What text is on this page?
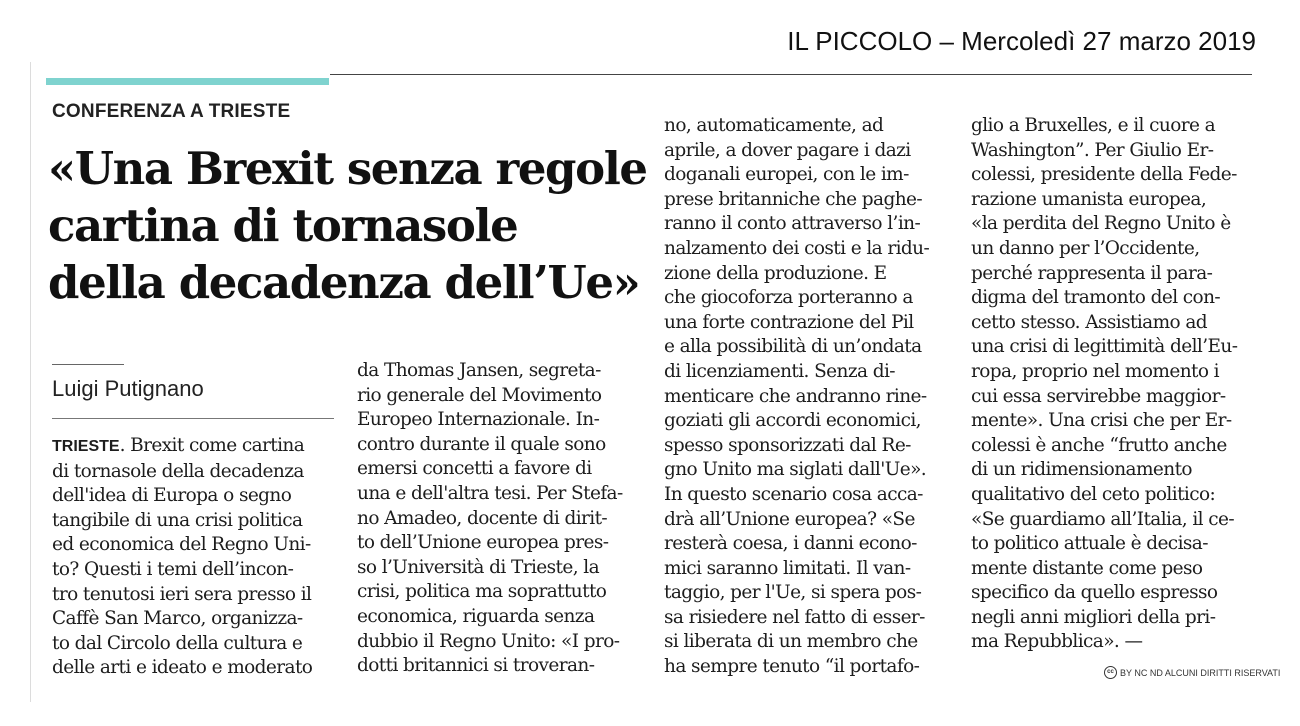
IL PICCOLO – Mercoledì 27 marzo 2019
CONFERENZA A TRIESTE
«Una Brexit senza regole
cartina di tornasole
della decadenza dell’Ue»
Luigi Putignano
TRIESTE. Brexit come cartina
di tornasole della decadenza
dell'idea di Europa o segno
tangibile di una crisi politica
ed economica del Regno Uni-
to? Questi i temi dell’incon-
tro tenutosi ieri sera presso il
Caffè San Marco, organizza-
to dal Circolo della cultura e
delle arti e ideato e moderato
da Thomas Jansen, segreta-
rio generale del Movimento
Europeo Internazionale. In-
contro durante il quale sono
emersi concetti a favore di
una e dell'altra tesi. Per Stefa-
no Amadeo, docente di dirit-
to dell’Unione europea pres-
so l’Università di Trieste, la
crisi, politica ma soprattutto
economica, riguarda senza
dubbio il Regno Unito: «I pro-
dotti britannici si troveran-
no, automaticamente, ad
aprile, a dover pagare i dazi
doganali europei, con le im-
prese britanniche che paghe-
ranno il conto attraverso l’in-
nalzamento dei costi e la ridu-
zione della produzione. E
che giocoforza porteranno a
una forte contrazione del Pil
e alla possibilità di un’ondata
di licenziamenti. Senza di-
menticare che andranno rine-
goziati gli accordi economici,
spesso sponsorizzati dal Re-
gno Unito ma siglati dall'Ue».
In questo scenario cosa acca-
drà all’Unione europea? «Se
resterà coesa, i danni econo-
mici saranno limitati. Il van-
taggio, per l'Ue, si spera pos-
sa risiedere nel fatto di esser-
si liberata di un membro che
ha sempre tenuto “il portafo-
glio a Bruxelles, e il cuore a
Washington”. Per Giulio Er-
colessi, presidente della Fede-
razione umanista europea,
«la perdita del Regno Unito è
un danno per l’Occidente,
perché rappresenta il para-
digma del tramonto del con-
cetto stesso. Assistiamo ad
una crisi di legittimità dell’Eu-
ropa, proprio nel momento i
cui essa servirebbe maggior-
mente». Una crisi che per Er-
colessi è anche “frutto anche
di un ridimensionamento
qualitativo del ceto politico:
«Se guardiamo all’Italia, il ce-
to politico attuale è decisa-
mente distante come peso
specifico da quello espresso
negli anni migliori della pri-
ma Repubblica». —
cc BY NC ND ALCUNI DIRITTI RISERVATI
